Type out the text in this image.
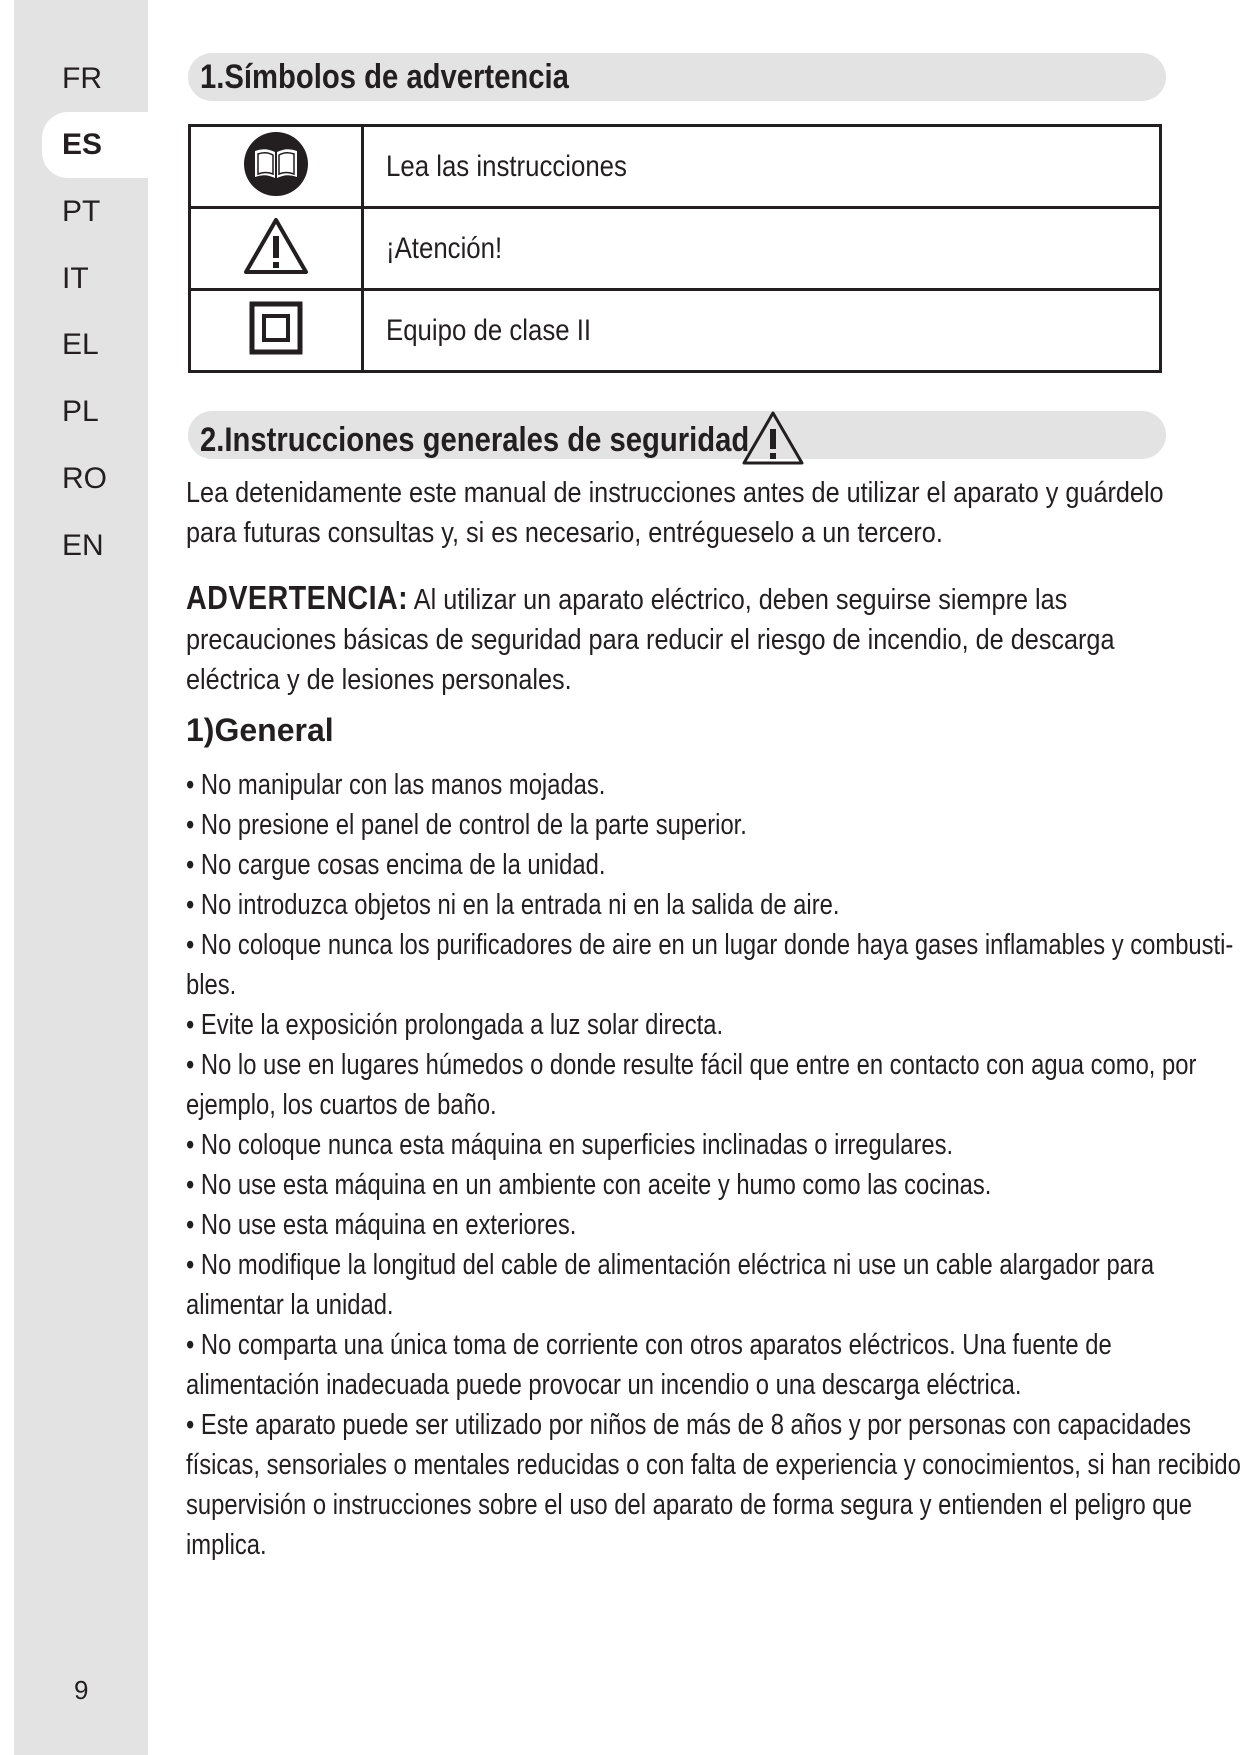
FR
ES
PT
IT
EL
PL
RO
EN
9
1.Símbolos de advertencia
	Lea las instrucciones
	¡Atención!
	Equipo de clase II
2.Instrucciones generales de seguridad
Lea detenidamente este manual de instrucciones antes de utilizar el aparato y guárdelo
para futuras consultas y, si es necesario, entrégueselo a un tercero.
ADVERTENCIA: Al utilizar un aparato eléctrico, deben seguirse siempre las
precauciones básicas de seguridad para reducir el riesgo de incendio, de descarga
eléctrica y de lesiones personales.
1)General
• No manipular con las manos mojadas.
• No presione el panel de control de la parte superior.
• No cargue cosas encima de la unidad.
• No introduzca objetos ni en la entrada ni en la salida de aire.
• No coloque nunca los purificadores de aire en un lugar donde haya gases inflamables y combusti-
bles.
• Evite la exposición prolongada a luz solar directa.
• No lo use en lugares húmedos o donde resulte fácil que entre en contacto con agua como, por
ejemplo, los cuartos de baño.
• No coloque nunca esta máquina en superficies inclinadas o irregulares.
• No use esta máquina en un ambiente con aceite y humo como las cocinas.
• No use esta máquina en exteriores.
• No modifique la longitud del cable de alimentación eléctrica ni use un cable alargador para
alimentar la unidad.
• No comparta una única toma de corriente con otros aparatos eléctricos. Una fuente de
alimentación inadecuada puede provocar un incendio o una descarga eléctrica.
• Este aparato puede ser utilizado por niños de más de 8 años y por personas con capacidades
físicas, sensoriales o mentales reducidas o con falta de experiencia y conocimientos, si han recibido
supervisión o instrucciones sobre el uso del aparato de forma segura y entienden el peligro que
implica.
